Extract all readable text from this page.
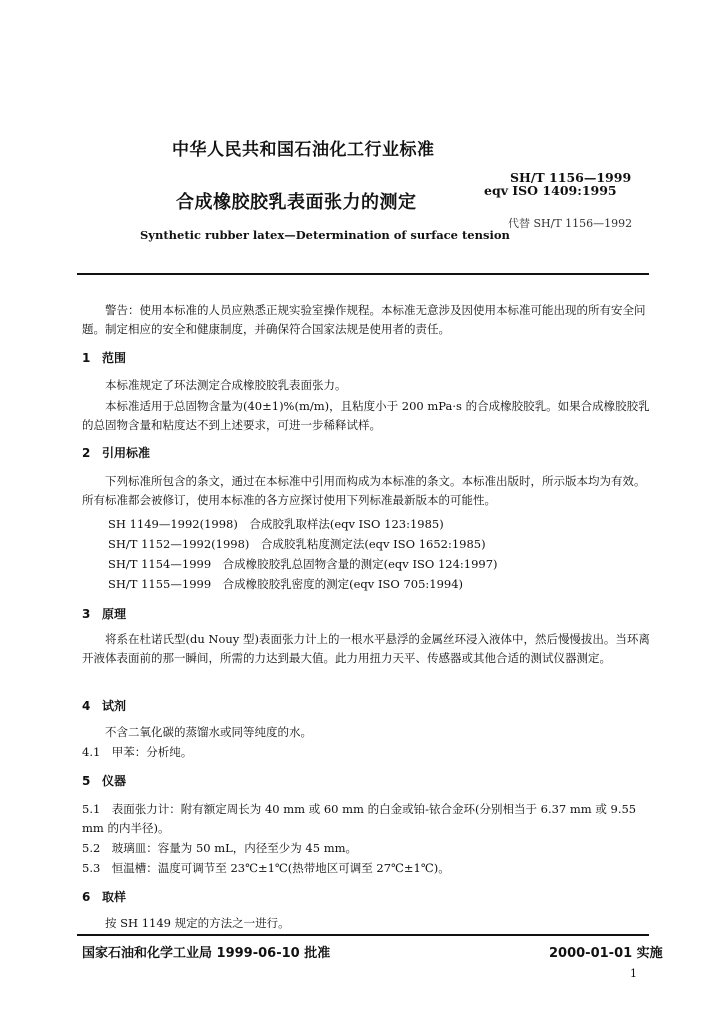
中华人民共和国石油化工行业标准
SH/T 1156—1999
eqv ISO 1409:1995
合成橡胶胶乳表面张力的测定
代替 SH/T 1156—1992
Synthetic rubber latex—Determination of surface tension
警告：使用本标准的人员应熟悉正规实验室操作规程。本标准无意涉及因使用本标准可能出现的所有安全问题。制定相应的安全和健康制度，并确保符合国家法规是使用者的责任。
1 范围
本标准规定了环法测定合成橡胶胶乳表面张力。
本标准适用于总固物含量为(40±1)%(m/m)，且粘度小于 200 mPa·s 的合成橡胶胶乳。如果合成橡胶胶乳的总固物含量和粘度达不到上述要求，可进一步稀释试样。
2 引用标准
下列标准所包含的条文，通过在本标准中引用而构成为本标准的条文。本标准出版时，所示版本均为有效。所有标准都会被修订，使用本标准的各方应探讨使用下列标准最新版本的可能性。
SH 1149—1992(1998)　合成胶乳取样法(eqv ISO 123:1985)
SH/T 1152—1992(1998)　合成胶乳粘度测定法(eqv ISO 1652:1985)
SH/T 1154—1999　合成橡胶胶乳总固物含量的测定(eqv ISO 124:1997)
SH/T 1155—1999　合成橡胶胶乳密度的测定(eqv ISO 705:1994)
3 原理
将系在杜诺氏型(du Nouy 型)表面张力计上的一根水平悬浮的金属丝环浸入液体中，然后慢慢拔出。当环离开液体表面前的那一瞬间，所需的力达到最大值。此力用扭力天平、传感器或其他合适的测试仪器测定。
4 试剂
不含二氧化碳的蒸馏水或同等纯度的水。
4.1　甲苯：分析纯。
5 仪器
5.1　表面张力计：附有额定周长为 40 mm 或 60 mm 的白金或铂-铱合金环(分别相当于 6.37 mm 或 9.55 mm 的内半径)。
5.2　玻璃皿：容量为 50 mL，内径至少为 45 mm。
5.3　恒温槽：温度可调节至 23℃±1℃(热带地区可调至 27℃±1℃)。
6 取样
按 SH 1149 规定的方法之一进行。
国家石油和化学工业局 1999-06-10 批准	2000-01-01 实施
1
